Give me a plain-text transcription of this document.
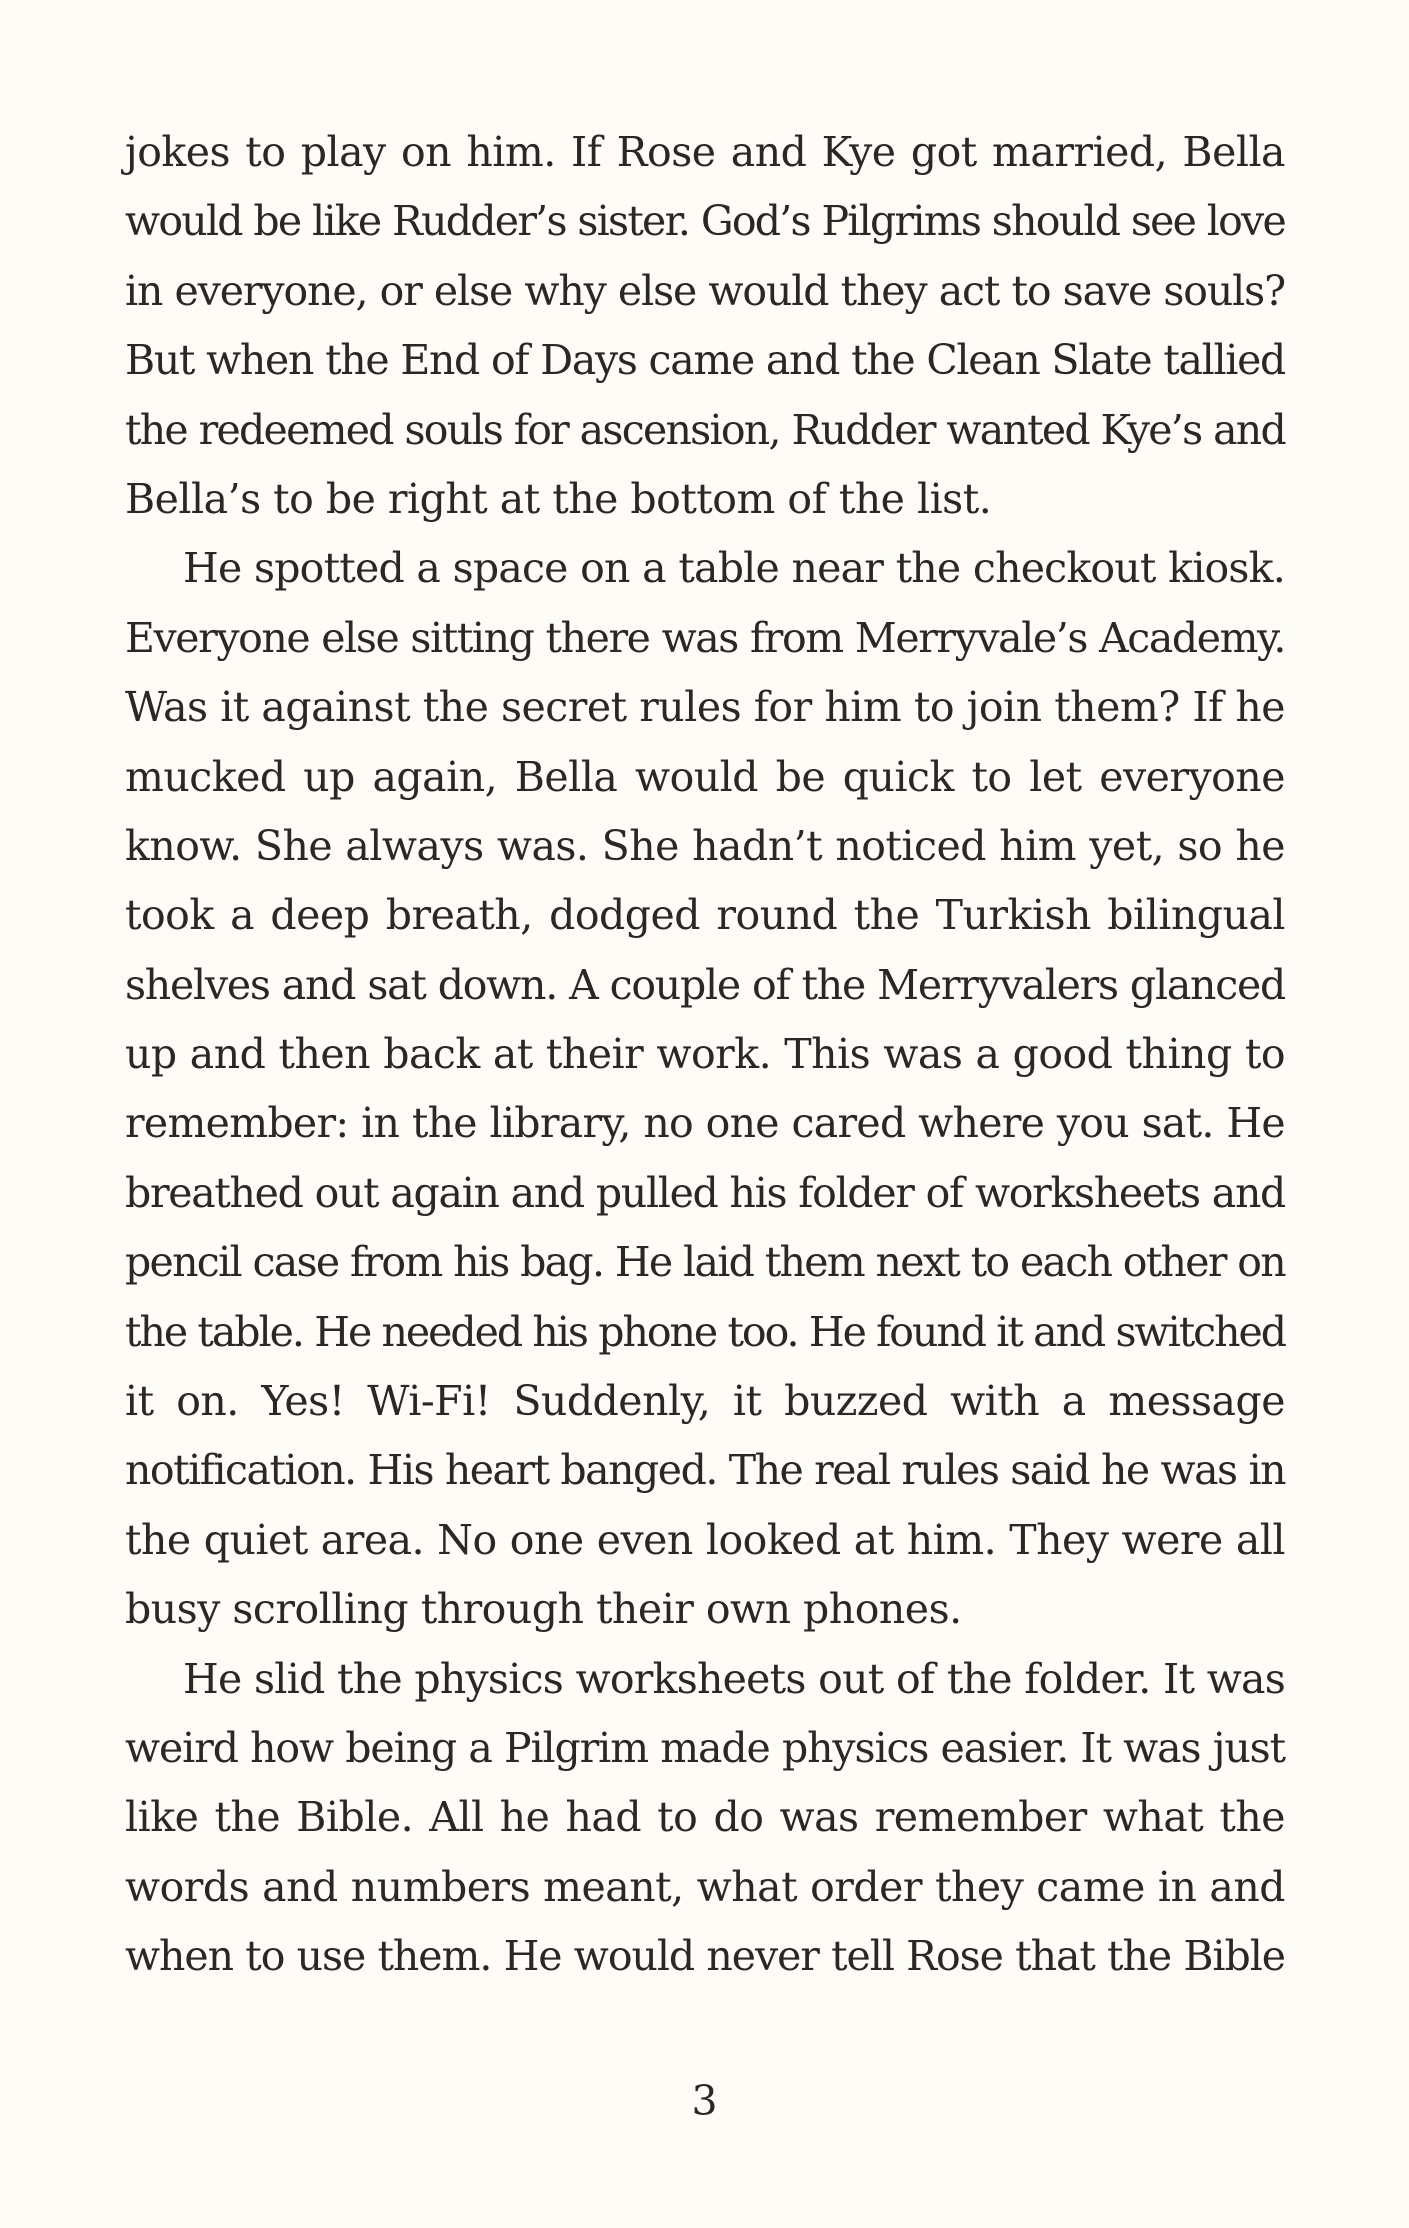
jokes to play on him. If Rose and Kye got married, Bella
would be like Rudder’s sister. God’s Pilgrims should see love
in everyone, or else why else would they act to save souls?
But when the End of Days came and the Clean Slate tallied
the redeemed souls for ascension, Rudder wanted Kye’s and
Bella’s to be right at the bottom of the list.
He spotted a space on a table near the checkout kiosk.
Everyone else sitting there was from Merryvale’s Academy.
Was it against the secret rules for him to join them? If he
mucked up again, Bella would be quick to let everyone
know. She always was. She hadn’t noticed him yet, so he
took a deep breath, dodged round the Turkish bilingual
shelves and sat down. A couple of the Merryvalers glanced
up and then back at their work. This was a good thing to
remember: in the library, no one cared where you sat. He
breathed out again and pulled his folder of worksheets and
pencil case from his bag. He laid them next to each other on
the table. He needed his phone too. He found it and switched
it on. Yes! Wi-Fi! Suddenly, it buzzed with a message
notification. His heart banged. The real rules said he was in
the quiet area. No one even looked at him. They were all
busy scrolling through their own phones.
He slid the physics worksheets out of the folder. It was
weird how being a Pilgrim made physics easier. It was just
like the Bible. All he had to do was remember what the
words and numbers meant, what order they came in and
when to use them. He would never tell Rose that the Bible
3
